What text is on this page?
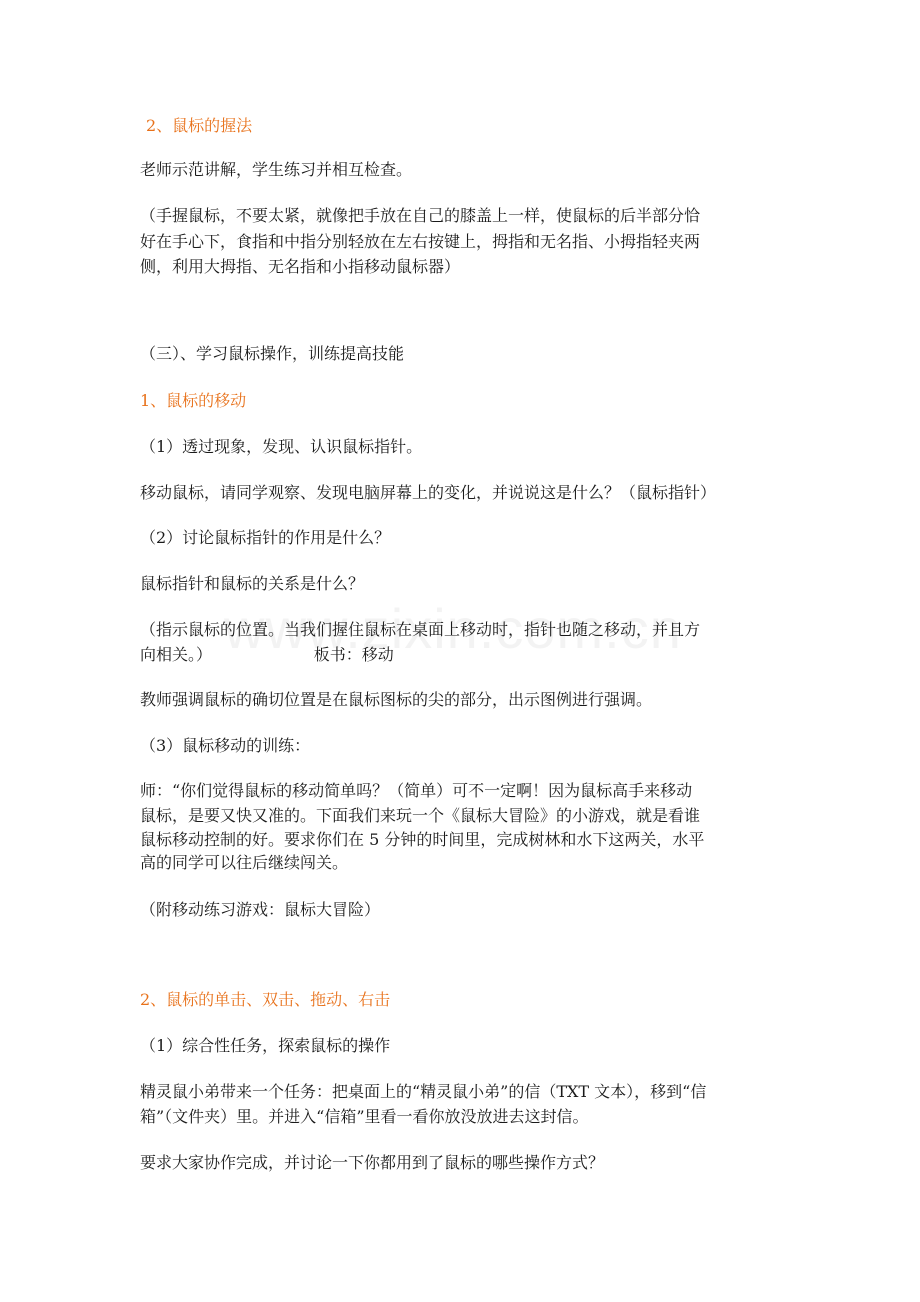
2、鼠标的握法
老师示范讲解，学生练习并相互检查。
（手握鼠标，不要太紧，就像把手放在自己的膝盖上一样，使鼠标的后半部分恰
好在手心下，食指和中指分别轻放在左右按键上，拇指和无名指、小拇指轻夹两
侧，利用大拇指、无名指和小指移动鼠标器）
（三）、学习鼠标操作，训练提高技能
1、鼠标的移动
（1）透过现象，发现、认识鼠标指针。
移动鼠标，请同学观察、发现电脑屏幕上的变化，并说说这是什么？（鼠标指针）
（2）讨论鼠标指针的作用是什么？
鼠标指针和鼠标的关系是什么？
（指示鼠标的位置。当我们握住鼠标在桌面上移动时，指针也随之移动，并且方
向相关。）                    板书：移动
教师强调鼠标的确切位置是在鼠标图标的尖的部分，出示图例进行强调。
（3）鼠标移动的训练：
师：“你们觉得鼠标的移动简单吗？（简单）可不一定啊！因为鼠标高手来移动
鼠标，是要又快又准的。下面我们来玩一个《鼠标大冒险》的小游戏，就是看谁
鼠标移动控制的好。要求你们在 5 分钟的时间里，完成树林和水下这两关，水平
高的同学可以往后继续闯关。
（附移动练习游戏：鼠标大冒险）
2、鼠标的单击、双击、拖动、右击
（1）综合性任务，探索鼠标的操作
精灵鼠小弟带来一个任务：把桌面上的“精灵鼠小弟”的信（TXT 文本），移到“信
箱”（文件夹）里。并进入“信箱”里看一看你放没放进去这封信。
要求大家协作完成，并讨论一下你都用到了鼠标的哪些操作方式？
